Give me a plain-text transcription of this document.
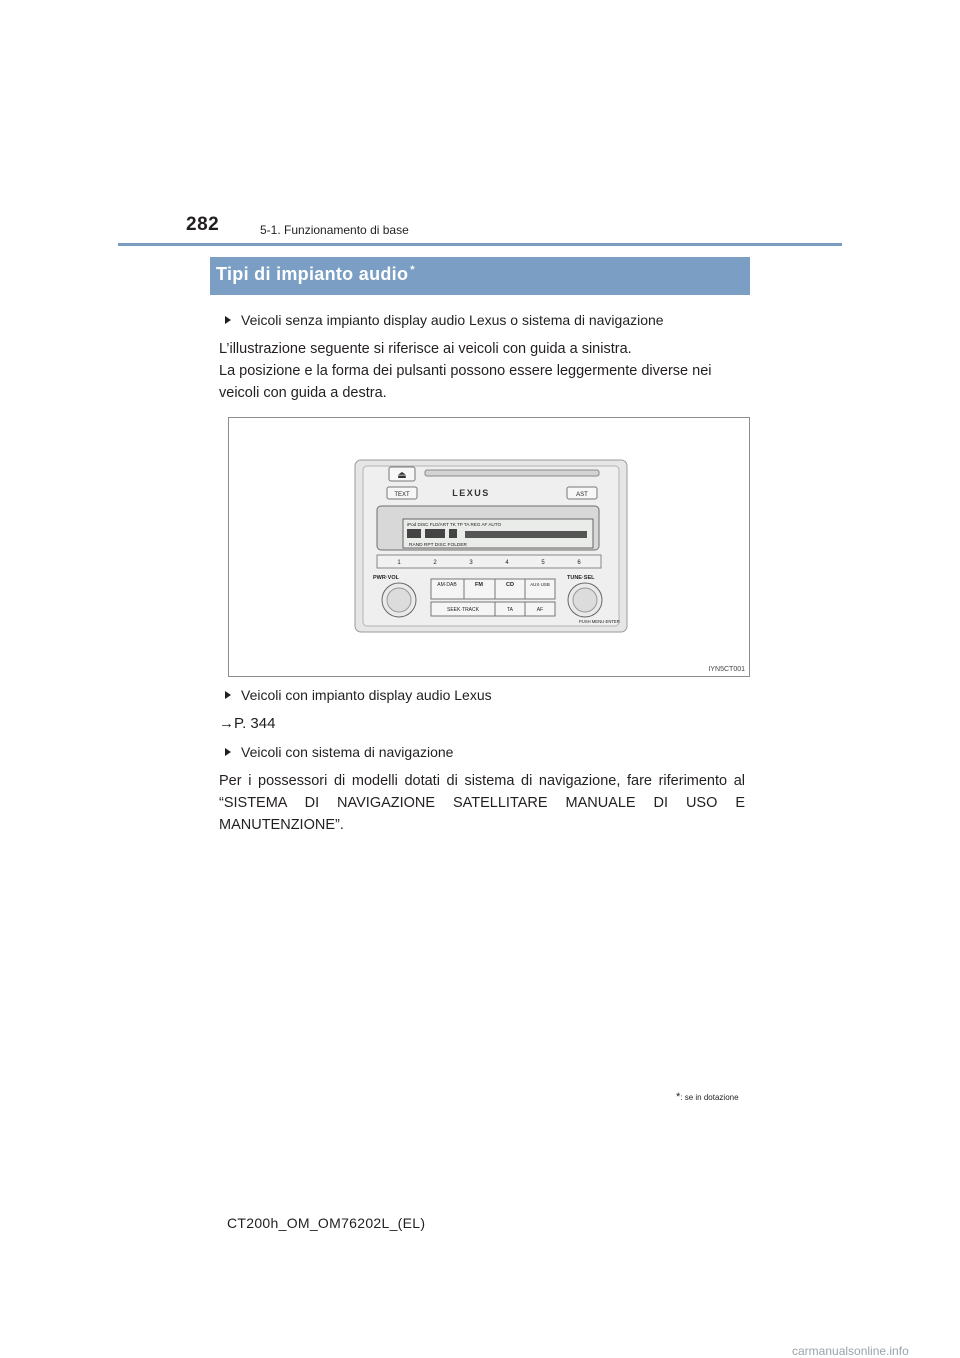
282	5-1. Funzionamento di base
Tipi di impianto audio *
Veicoli senza impianto display audio Lexus o sistema di navigazione
L’illustrazione seguente si riferisce ai veicoli con guida a sinistra.
La posizione e la forma dei pulsanti possono essere leggermente diverse nei veicoli con guida a destra.
⏏
TEXT	LEXUS	AST
iPod DISC FLD/ART TK TP TA REG AF AUTO
RAND RPT DISC FOLDER
1	2	3	4	5	6
PWR·VOL	TUNE·SEL
PUSH MENU·ENTER
AM·DAB	FM	CD	AUX·USB
SEEK·TRACK	TA	AF
IYN5CT001
Veicoli con impianto display audio Lexus
→P. 344
Veicoli con sistema di navigazione
Per i possessori di modelli dotati di sistema di navigazione, fare riferimento al “SISTEMA DI NAVIGAZIONE SATELLITARE MANUALE DI USO E MANUTENZIONE”.
*: se in dotazione
CT200h_OM_OM76202L_(EL)
carmanualsonline.info
